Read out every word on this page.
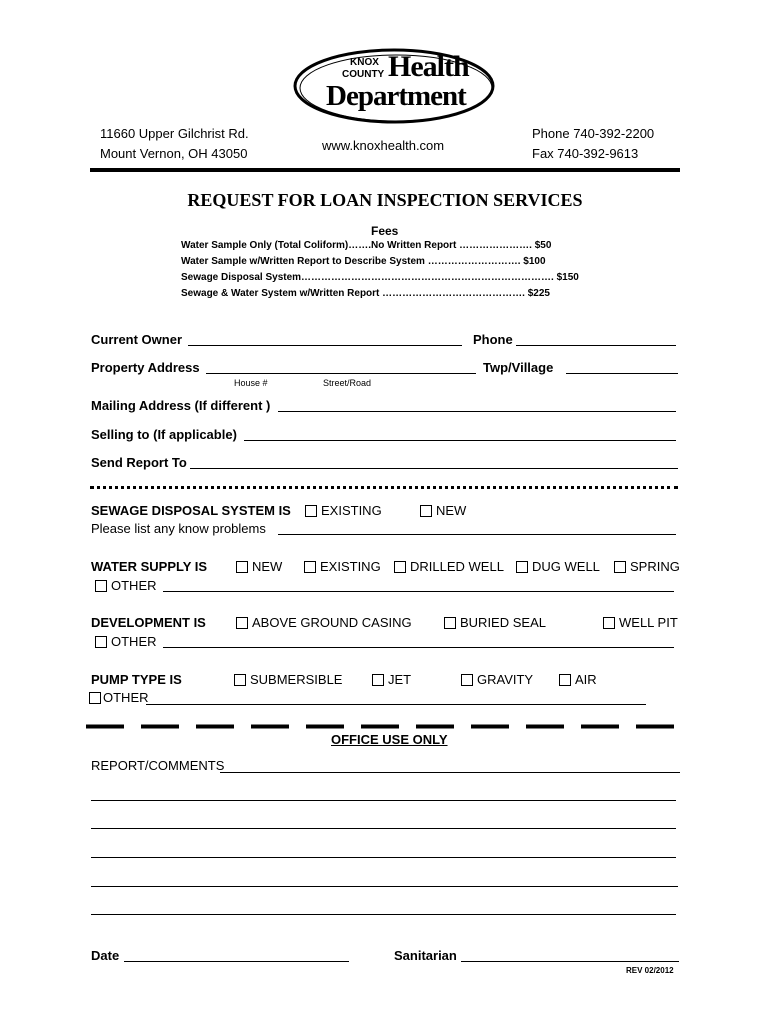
KNOX
COUNTY Health
Department
11660 Upper Gilchrist Rd.
Mount Vernon, OH 43050
www.knoxhealth.com
Phone 740-392-2200
Fax 740-392-9613
REQUEST FOR LOAN INSPECTION SERVICES
Fees
Water Sample Only (Total Coliform)…….No Written Report …………………. $50
Water Sample w/Written Report to Describe System ………………………. $100
Sewage Disposal System…………………………………………………………………. $150
Sewage & Water System w/Written Report ……………………………………. $225
Current Owner	Phone
Property Address	Twp/Village
House #	Street/Road
Mailing Address (If different )
Selling to (If applicable)
Send Report To
SEWAGE DISPOSAL SYSTEM IS	EXISTING	NEW
Please list any know problems
WATER SUPPLY IS	NEW	EXISTING	DRILLED WELL	DUG WELL	SPRING
OTHER
DEVELOPMENT IS	ABOVE GROUND CASING	BURIED SEAL	WELL PIT
OTHER
PUMP TYPE IS	SUBMERSIBLE	JET	GRAVITY	AIR
OTHER
OFFICE USE ONLY
REPORT/COMMENTS
Date	Sanitarian
REV 02/2012
